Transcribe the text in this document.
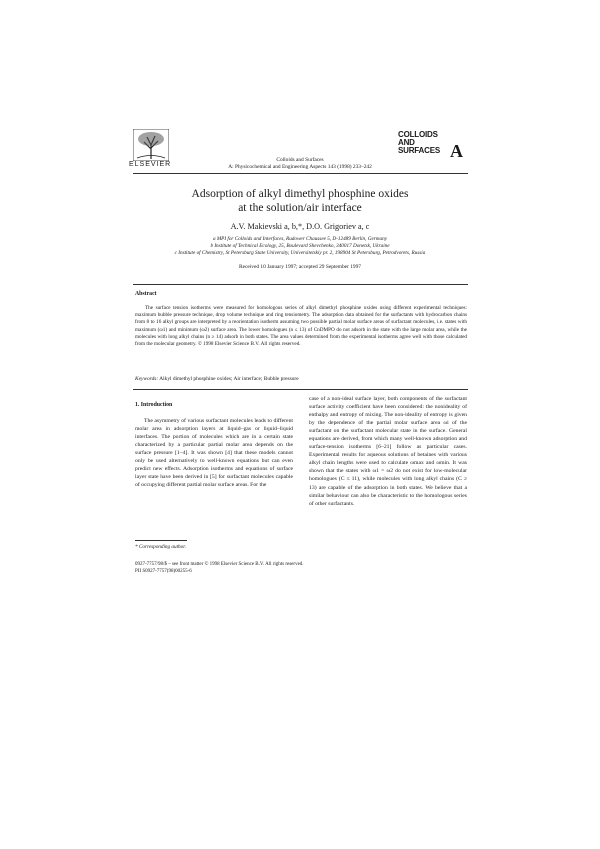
ELSEVIER
Colloids and Surfaces
A: Physicochemical and Engineering Aspects 143 (1998) 233–242
COLLOIDS
AND
SURFACES A
Adsorption of alkyl dimethyl phosphine oxides
at the solution/air interface
A.V. Makievski a, b,*, D.O. Grigoriev a, c
a MPI for Colloids and Interfaces, Rudower Chaussee 5, D-12489 Berlin, Germany
b Institute of Technical Ecology, 25, Boulevard Shevchenko, 340017 Donetsk, Ukraine
c Institute of Chemistry, St Petersburg State University, Universitetskiy pr. 2, 198904 St Petersburg, Petrodvorets, Russia
Received 10 January 1997; accepted 29 September 1997
Abstract
The surface tension isotherms were measured for homologous series of alkyl dimethyl phosphine oxides using different experimental techniques: maximum bubble pressure technique, drop volume technique and ring tensiometry. The adsorption data obtained for the surfactants with hydrocarbon chains from 8 to 16 alkyl groups are interpreted by a reorientation isotherm assuming two possible partial molar surface areas of surfactant molecules, i.e. states with maximum (ω1) and minimum (ω2) surface area. The lower homologues (n ≤ 13) of CnDMPO do not adsorb in the state with the large molar area, while the molecules with long alkyl chains (n ≥ 14) adsorb in both states. The area values determined from the experimental isotherms agree well with those calculated from the molecular geometry. © 1998 Elsevier Science B.V. All rights reserved.
Keywords: Alkyl dimethyl phosphine oxides; Air interface; Bubble pressure
1. Introduction

The asymmetry of various surfactant molecules leads to different molar area in adsorption layers at liquid–gas or liquid–liquid interfaces. The portion of molecules which are in a certain state characterized by a particular partial molar area depends on the surface pressure [1–4]. It was shown [4] that these models cannot only be used alternatively to well-known equations but can even predict new effects. Adsorption isotherms and equations of surface layer state have been derived in [5] for surfactant molecules capable of occupying different partial molar surface areas. For the

case of a non-ideal surface layer, both components of the surfactant surface activity coefficient have been considered: the nonideality of enthalpy and entropy of mixing. The non-ideality of entropy is given by the dependence of the partial molar surface area ωi of the surfactant on the surfactant molecular state in the surface. General equations are derived, from which many well-known adsorption and surface-tension isotherms [6–21] follow as particular cases. Experimental results for aqueous solutions of betaines with various alkyl chain lengths were used to calculate ωmax and ωmin. It was shown that the states with ω1 = ω2 do not exist for low-molecular homologues (C ≤ 11), while molecules with long alkyl chains (C ≥ 13) are capable of the adsorption in both states. We believe that a similar behaviour can also be characteristic to the homologous series of other surfactants.

* Corresponding author.
0927-7757/98/$ – see front matter © 1998 Elsevier Science B.V. All rights reserved.
PII S0927-7757(98)00255-6
